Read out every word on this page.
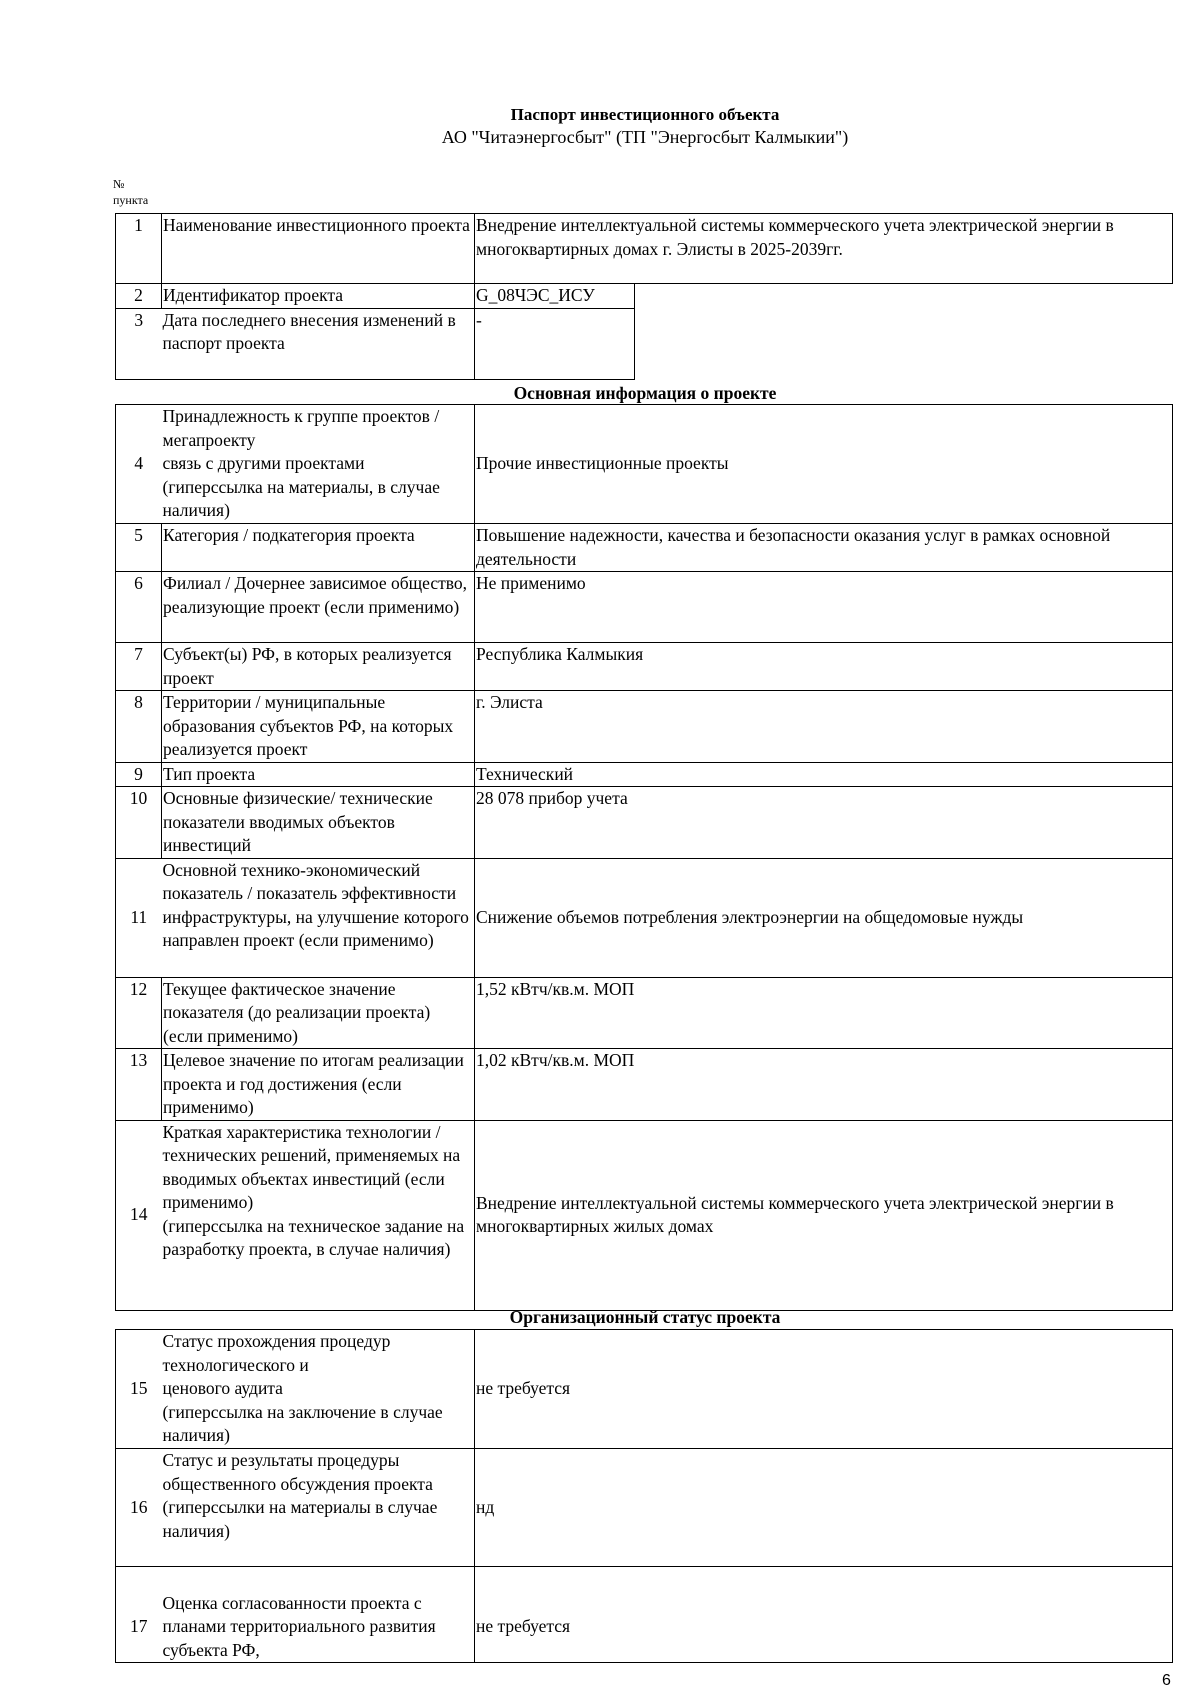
Паспорт инвестиционного объекта
АО "Читаэнергосбыт" (ТП "Энергосбыт Калмыкии")
№
пункта
1	Наименование инвестиционного проекта	Внедрение интеллектуальной системы коммерческого учета электрической энергии в многоквартирных домах г. Элисты в 2025-2039гг.
2	Идентификатор проекта	G_08ЧЭС_ИСУ
3	Дата последнего внесения изменений в паспорт проекта	-
Основная информация о проекте
4	Принадлежность к группе проектов / мегапроекту
связь с другими проектами
(гиперссылка на материалы, в случае наличия)	Прочие инвестиционные проекты
5	Категория / подкатегория проекта	Повышение надежности, качества и безопасности оказания услуг в рамках основной деятельности
6	Филиал / Дочернее зависимое общество, реализующие проект (если применимо)	Не применимо
7	Субъект(ы) РФ, в которых реализуется проект	Республика Калмыкия
8	Территории / муниципальные образования субъектов РФ, на которых реализуется проект	г. Элиста
9	Тип проекта	Технический
10	Основные физические/ технические показатели вводимых объектов инвестиций	28 078 прибор учета
11	Основной технико-экономический показатель / показатель эффективности инфраструктуры, на улучшение которого направлен проект (если применимо)	Снижение объемов потребления электроэнергии на общедомовые нужды
12	Текущее фактическое значение показателя (до реализации проекта) (если применимо)	1,52 кВтч/кв.м. МОП
13	Целевое значение по итогам реализации проекта и год достижения (если применимо)	1,02 кВтч/кв.м. МОП
14	Краткая характеристика технологии / технических решений, применяемых на вводимых объектах инвестиций (если применимо)
(гиперссылка на техническое задание на разработку проекта, в случае наличия)	Внедрение интеллектуальной системы коммерческого учета электрической энергии в многоквартирных жилых домах
Организационный статус проекта
15	Статус прохождения процедур технологического и
ценового аудита
(гиперссылка на заключение в случае наличия)	не требуется
16	Статус и результаты процедуры общественного обсуждения проекта
(гиперссылки на материалы в случае наличия)	нд
17	Оценка согласованности проекта с планами территориального развития субъекта РФ,	не требуется
6
